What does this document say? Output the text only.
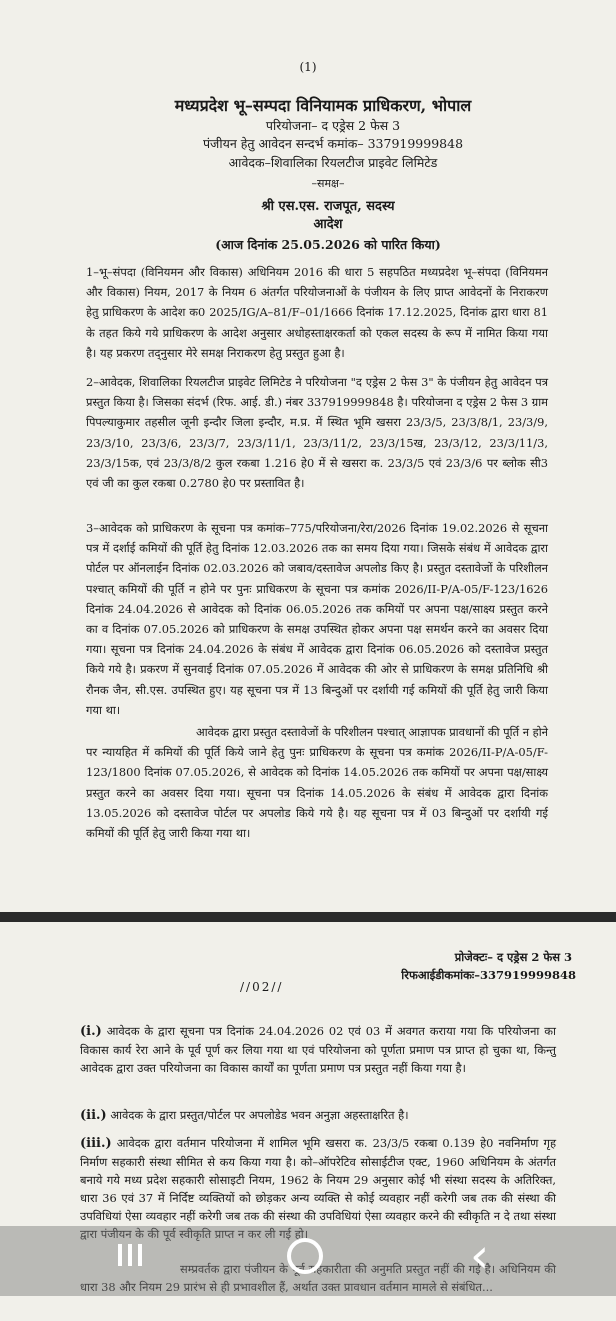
(1)
मध्यप्रदेश भू–सम्पदा विनियामक प्राधिकरण, भोपाल
परियोजना– द एड्रेस 2 फेस 3
पंजीयन हेतु आवेदन सन्दर्भ कमांक– 337919999848
आवेदक–शिवालिका रियलटीज प्राइवेट लिमिटेड
–समक्ष–
श्री एस.एस. राजपूत, सदस्य
आदेश
(आज दिनांक 25.05.2026 को पारित किया)

1–भू–संपदा (विनियमन और विकास) अधिनियम 2016 की धारा 5 सहपठित मध्यप्रदेश भू–संपदा (विनियमन और विकास) नियम, 2017 के नियम 6 अंतर्गत परियोजनाओं के पंजीयन के लिए प्राप्त आवेदनों के निराकरण हेतु प्राधिकरण के आदेश क0 2025/IG/A–81/F–01/1666 दिनांक 17.12.2025, दिनांक द्वारा धारा 81 के तहत किये गये प्राधिकरण के आदेश अनुसार अधोहस्ताक्षरकर्ता को एकल सदस्य के रूप में नामित किया गया है। यह प्रकरण तद्नुसार मेरे समक्ष निराकरण हेतु प्रस्तुत हुआ है।

2–आवेदक, शिवालिका रियलटीज प्राइवेट लिमिटेड ने परियोजना "द एड्रेस 2 फेस 3" के पंजीयन हेतु आवेदन पत्र प्रस्तुत किया है। जिसका संदर्भ (रिफ. आई. डी.) नंबर 337919999848 है। परियोजना द एड्रेस 2 फेस 3 ग्राम पिपल्याकुमार तहसील जूनी इन्दौर जिला इन्दौर, म.प्र. में स्थित भूमि खसरा 23/3/5, 23/3/8/1, 23/3/9, 23/3/10, 23/3/6, 23/3/7, 23/3/11/1, 23/3/11/2, 23/3/15ख, 23/3/12, 23/3/11/3, 23/3/15क, एवं 23/3/8/2 कुल रकबा 1.216 हे0 में से खसरा क. 23/3/5 एवं 23/3/6 पर ब्लोक सी3 एवं जी का कुल रकबा 0.2780 हे0 पर प्रस्तावित है।

3–आवेदक को प्राधिकरण के सूचना पत्र कमांक–775/परियोजना/रेरा/2026 दिनांक 19.02.2026 से सूचना पत्र में दर्शाई कमियों की पूर्ति हेतु दिनांक 12.03.2026 तक का समय दिया गया। जिसके संबंध में आवेदक द्वारा पोर्टल पर ऑनलाईन दिनांक 02.03.2026 को जबाव/दस्तावेज अपलोड किए है। प्रस्तुत दस्तावेजों के परिशीलन पश्चात् कमियों की पूर्ति न होने पर पुनः प्राधिकरण के सूचना पत्र कमांक 2026/II-P/A-05/F-123/1626 दिनांक 24.04.2026 से आवेदक को दिनांक 06.05.2026 तक कमियों पर अपना पक्ष/साक्ष्य प्रस्तुत करने का व दिनांक 07.05.2026 को प्राधिकरण के समक्ष उपस्थित होकर अपना पक्ष समर्थन करने का अवसर दिया गया। सूचना पत्र दिनांक 24.04.2026 के संबंध में आवेदक द्वारा दिनांक 06.05.2026 को दस्तावेज प्रस्तुत किये गये है। प्रकरण में सुनवाई दिनांक 07.05.2026 में आवेदक की ओर से प्राधिकरण के समक्ष प्रतिनिधि श्री रौनक जैन, सी.एस. उपस्थित हुए। यह सूचना पत्र में 13 बिन्दुओं पर दर्शायी गई कमियों की पूर्ति हेतु जारी किया गया था।

आवेदक द्वारा प्रस्तुत दस्तावेजों के परिशीलन पश्चात् आज्ञापक प्रावधानों की पूर्ति न होने पर न्यायहित में कमियों की पूर्ति किये जाने हेतु पुनः प्राधिकरण के सूचना पत्र कमांक 2026/II-P/A-05/F-123/1800 दिनांक 07.05.2026, से आवेदक को दिनांक 14.05.2026 तक कमियों पर अपना पक्ष/साक्ष्य प्रस्तुत करने का अवसर दिया गया। सूचना पत्र दिनांक 14.05.2026 के संबंध में आवेदक द्वारा दिनांक 13.05.2026 को दस्तावेज पोर्टल पर अपलोड किये गये है। यह सूचना पत्र में 03 बिन्दुओं पर दर्शायी गई कमियों की पूर्ति हेतु जारी किया गया था।

प्रोजेक्टः– द एड्रेस 2 फेस 3
रिफआईडीकमांकः–337919999848
//02//
(i.) आवेदक के द्वारा सूचना पत्र दिनांक 24.04.2026 02 एवं 03 में अवगत कराया गया कि परियोजना का विकास कार्य रेरा आने के पूर्व पूर्ण कर लिया गया था एवं परियोजना को पूर्णता प्रमाण पत्र प्राप्त हो चुका था, किन्तु आवेदक द्वारा उक्त परियोजना का विकास कार्यों का पूर्णता प्रमाण पत्र प्रस्तुत नहीं किया गया है।
(ii.) आवेदक के द्वारा प्रस्तुत/पोर्टल पर अपलोडेड भवन अनुज्ञा अहस्ताक्षरित है।
(iii.) आवेदक द्वारा वर्तमान परियोजना में शामिल भूमि खसरा क. 23/3/5 रकबा 0.139 हे0 नवनिर्माण गृह निर्माण सहकारी संस्था सीमित से कय किया गया है। को–ऑपरेटिव सोसाईटीज एक्ट, 1960 अधिनियम के अंतर्गत बनाये गये मध्य प्रदेश सहकारी सोसाइटी नियम, 1962 के नियम 29 अनुसार कोई भी संस्था सदस्य के अतिरिक्त, धारा 36 एवं 37 में निर्दिष्ट व्यक्तियों को छोड़कर अन्य व्यक्ति से कोई व्यवहार नहीं करेगी जब तक की संस्था की उपविधियां ऐसा व्यवहार नहीं करेगी जब तक की संस्था की उपविधियां ऐसा व्यवहार करने की स्वीकृति न दे तथा संस्था द्वारा पंजीयन के की पूर्व स्वीकृति प्राप्त न कर ली गई हो।
सम्प्रवर्तक द्वारा पंजीयन के पूर्व सहकारीता की अनुमति प्रस्तुत नहीं की गई है। अधिनियम की धारा 38 और नियम 29 प्रारंभ से ही प्रभावशील हैं, अर्थात उक्त प्रावधान वर्तमान मामले से संबंधित...
‹
